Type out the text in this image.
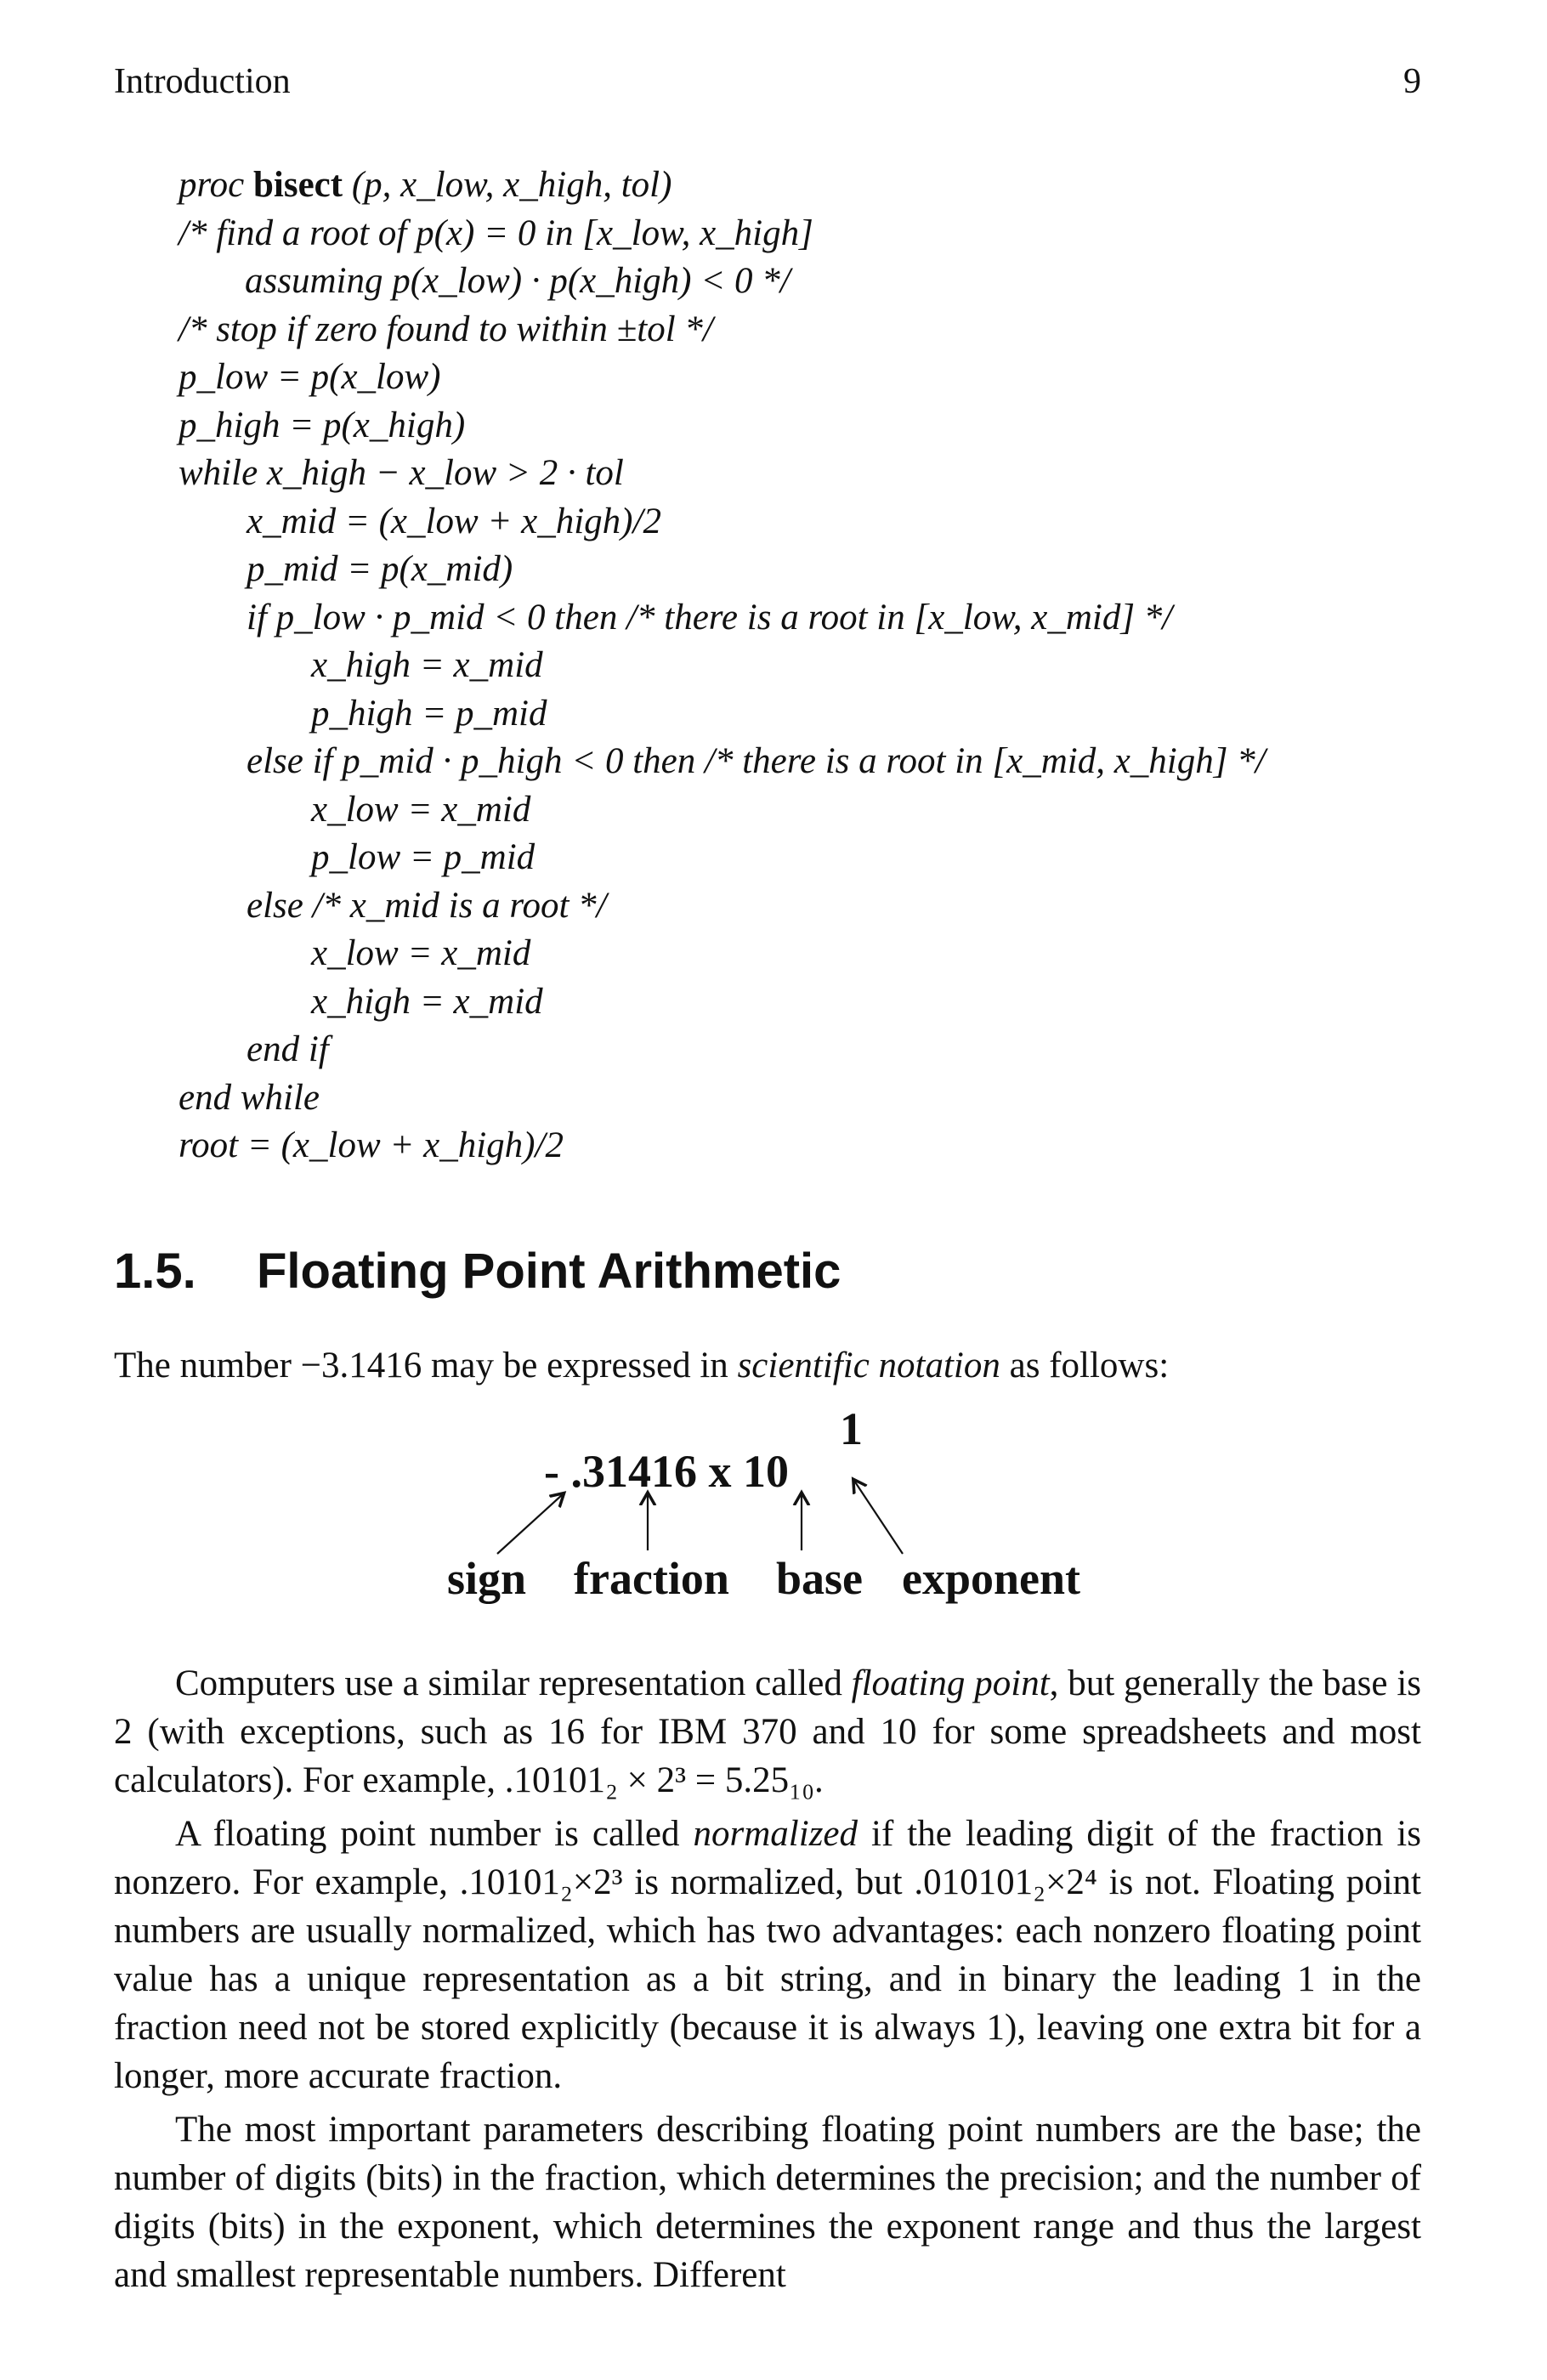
Introduction	9
proc bisect (p, x_low, x_high, tol)
/* find a root of p(x) = 0 in [x_low, x_high]
assuming p(x_low) · p(x_high) < 0 */
/* stop if zero found to within ±tol */
p_low = p(x_low)
p_high = p(x_high)
while x_high − x_low > 2 · tol
x_mid = (x_low + x_high)/2
p_mid = p(x_mid)
if p_low · p_mid < 0 then /* there is a root in [x_low, x_mid] */
x_high = x_mid
p_high = p_mid
else if p_mid · p_high < 0 then /* there is a root in [x_mid, x_high] */
x_low = x_mid
p_low = p_mid
else /* x_mid is a root */
x_low = x_mid
x_high = x_mid
end if
end while
root = (x_low + x_high)/2
1.5. Floating Point Arithmetic
The number −3.1416 may be expressed in scientific notation as follows:
- .31416 x 10
1
sign fraction base exponent

Computers use a similar representation called floating point, but generally the base is 2 (with exceptions, such as 16 for IBM 370 and 10 for some spreadsheets and most calculators). For example, .10101₂ × 2³ = 5.25₁₀.

A floating point number is called normalized if the leading digit of the fraction is nonzero. For example, .10101₂×2³ is normalized, but .010101₂×2⁴ is not. Floating point numbers are usually normalized, which has two advantages: each nonzero floating point value has a unique representation as a bit string, and in binary the leading 1 in the fraction need not be stored explicitly (because it is always 1), leaving one extra bit for a longer, more accurate fraction.

The most important parameters describing floating point numbers are the base; the number of digits (bits) in the fraction, which determines the precision; and the number of digits (bits) in the exponent, which determines the exponent range and thus the largest and smallest representable numbers. Different
